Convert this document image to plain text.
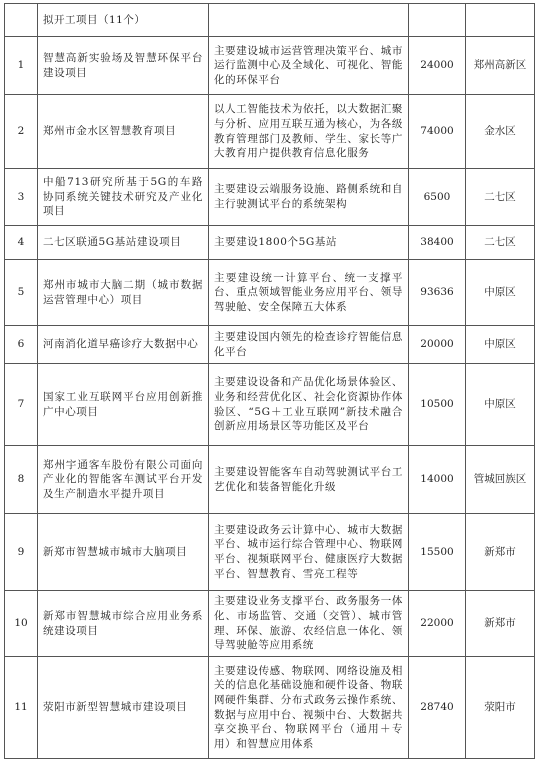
	拟开工项目（11个）			
1	智慧高新实验场及智慧环保平台建设项目	主要建设城市运营管理决策平台、城市运行监测中心及全域化、可视化、智能化的环保平台	24000	郑州高新区
2	郑州市金水区智慧教育项目	以人工智能技术为依托，以大数据汇聚与分析、应用互联互通为核心，为各级教育管理部门及教师、学生、家长等广大教育用户提供教育信息化服务	74000	金水区
3	中船713研究所基于5G的车路协同系统关键技术研究及产业化项目	主要建设云端服务设施、路侧系统和自主行驶测试平台的系统架构	6500	二七区
4	二七区联通5G基站建设项目	主要建设1800个5G基站	38400	二七区
5	郑州市城市大脑二期（城市数据运营管理中心）项目	主要建设统一计算平台、统一支撑平台、重点领域智能业务应用平台、领导驾驶舱、安全保障五大体系	93636	中原区
6	河南消化道早癌诊疗大数据中心	主要建设国内领先的检查诊疗智能信息化平台	20000	中原区
7	国家工业互联网平台应用创新推广中心项目	主要建设设备和产品优化场景体验区、业务和经营优化区、社会化资源协作体验区、“5G＋工业互联网”新技术融合创新应用场景区等功能区及平台	10500	中原区
8	郑州宇通客车股份有限公司面向产业化的智能客车测试平台开发及生产制造水平提升项目	主要建设智能客车自动驾驶测试平台工艺优化和装备智能化升级	14000	管城回族区
9	新郑市智慧城市城市大脑项目	主要建设政务云计算中心、城市大数据平台、城市运行综合管理中心、物联网平台、视频联网平台、健康医疗大数据平台、智慧教育、雪亮工程等	15500	新郑市
10	新郑市智慧城市综合应用业务系统建设项目	主要建设业务支撑平台、政务服务一体化、市场监管、交通（交管）、城市管理、环保、旅游、农经信息一体化、领导驾驶舱等应用系统	22000	新郑市
11	荥阳市新型智慧城市建设项目	主要建设传感、物联网、网络设施及相关的信息化基础设施和硬件设备、物联网硬件集群、分布式政务云操作系统、数据与应用中台、视频中台、大数据共享交换平台、物联网平台（通用＋专用）和智慧应用体系	28740	荥阳市
